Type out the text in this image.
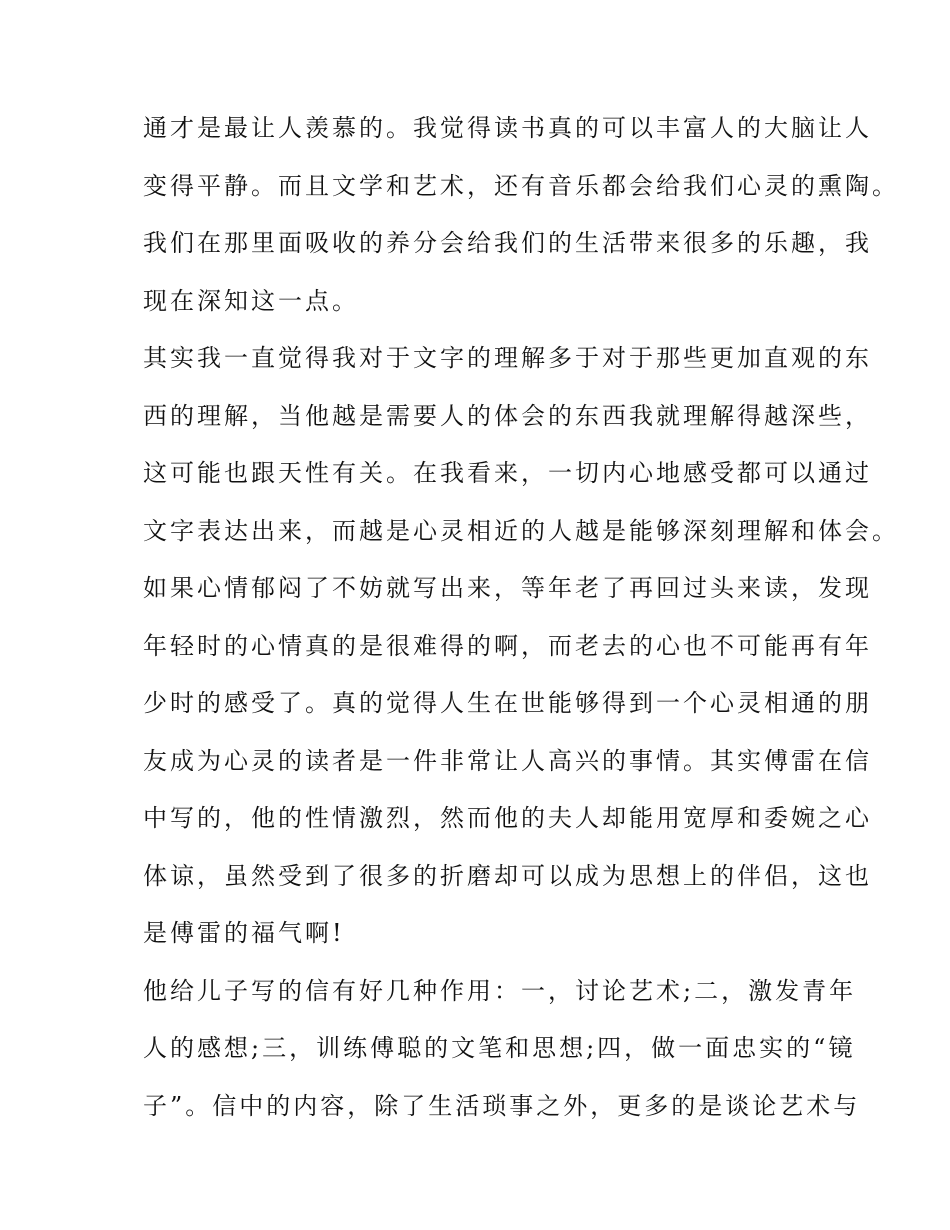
通才是最让人羡慕的。我觉得读书真的可以丰富人的大脑让人
变得平静。而且文学和艺术，还有音乐都会给我们心灵的熏陶。
我们在那里面吸收的养分会给我们的生活带来很多的乐趣，我
现在深知这一点。
其实我一直觉得我对于文字的理解多于对于那些更加直观的东
西的理解，当他越是需要人的体会的东西我就理解得越深些，
这可能也跟天性有关。在我看来，一切内心地感受都可以通过
文字表达出来，而越是心灵相近的人越是能够深刻理解和体会。
如果心情郁闷了不妨就写出来，等年老了再回过头来读，发现
年轻时的心情真的是很难得的啊，而老去的心也不可能再有年
少时的感受了。真的觉得人生在世能够得到一个心灵相通的朋
友成为心灵的读者是一件非常让人高兴的事情。其实傅雷在信
中写的，他的性情激烈，然而他的夫人却能用宽厚和委婉之心
体谅，虽然受到了很多的折磨却可以成为思想上的伴侣，这也
是傅雷的福气啊!
他给儿子写的信有好几种作用：一，讨论艺术;二，激发青年
人的感想;三，训练傅聪的文笔和思想;四，做一面忠实的“镜
子”。信中的内容，除了生活琐事之外，更多的是谈论艺术与
